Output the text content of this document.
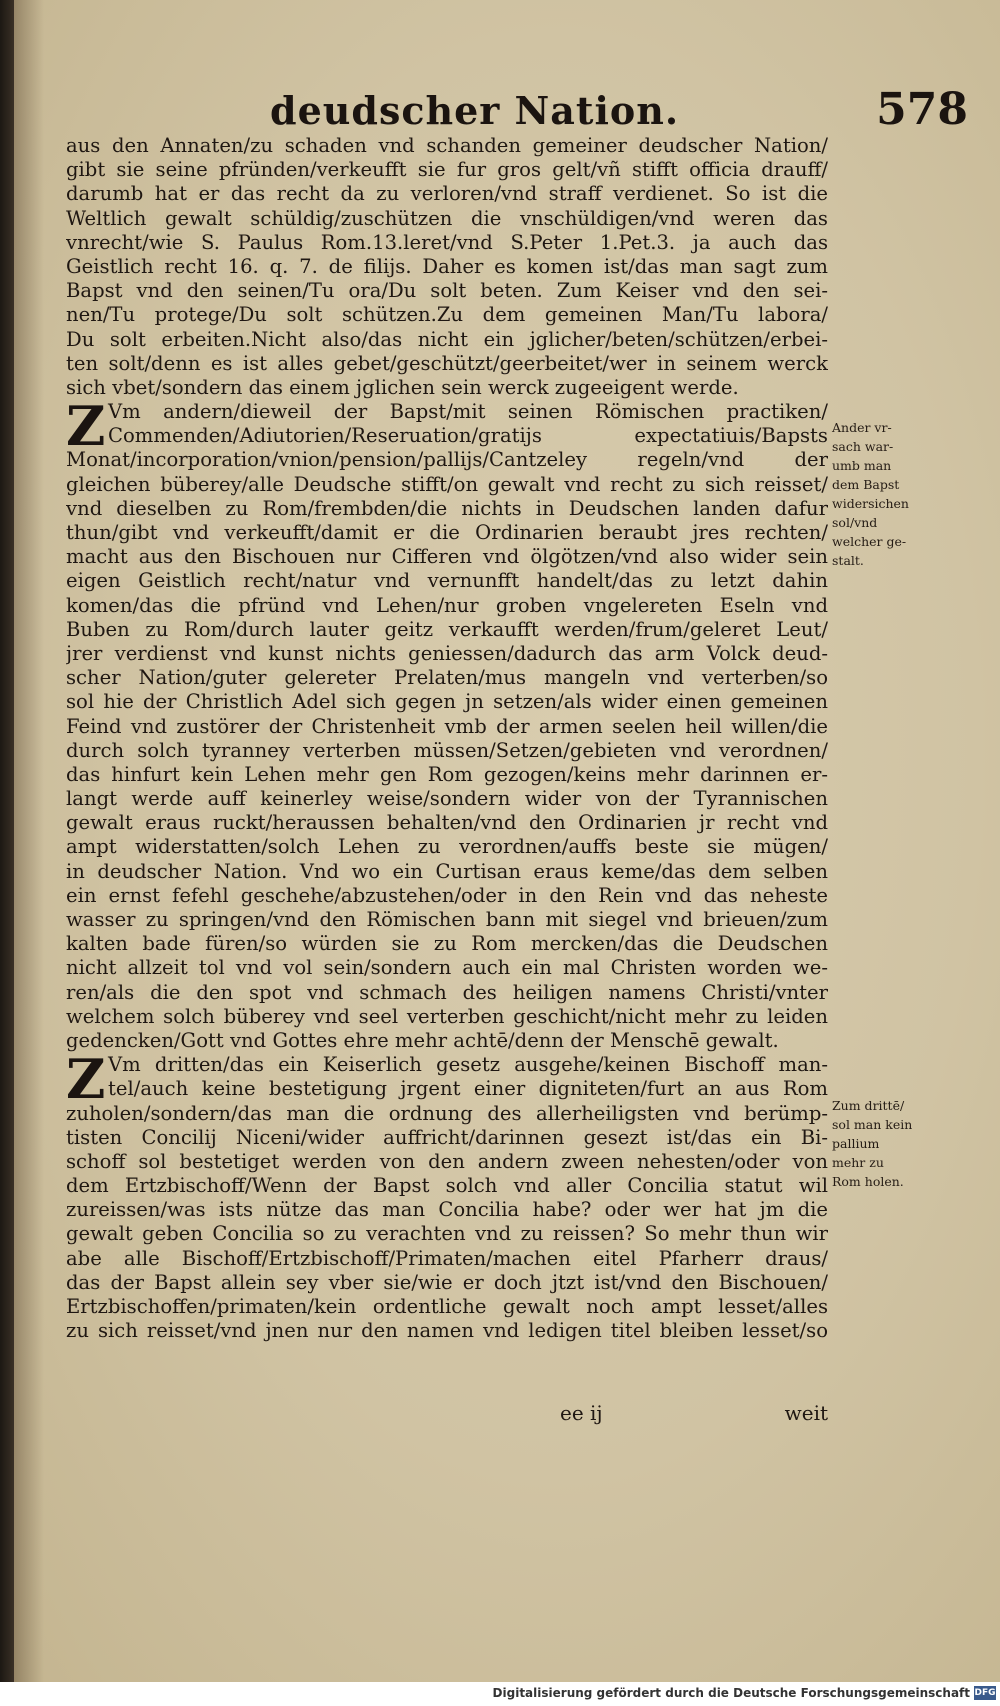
deudscher Nation.	578
aus den Annaten/zu schaden vnd schanden gemeiner deudscher Nation/
gibt sie seine pfründen/verkeufft sie fur gros gelt/vñ stifft officia drauff/
darumb hat er das recht da zu verloren/vnd straff verdienet. So ist die
Weltlich gewalt schüldig/zuschützen die vnschüldigen/vnd weren das
vnrecht/wie S. Paulus Rom.13.leret/vnd S.Peter 1.Pet.3. ja auch das
Geistlich recht 16. q. 7. de filijs. Daher es komen ist/das man sagt zum
Bapst vnd den seinen/Tu ora/Du solt beten. Zum Keiser vnd den sei-
nen/Tu protege/Du solt schützen.Zu dem gemeinen Man/Tu labora/
Du solt erbeiten.Nicht also/das nicht ein jglicher/beten/schützen/erbei-
ten solt/denn es ist alles gebet/geschützt/geerbeitet/wer in seinem werck
sich vbet/sondern das einem jglichen sein werck zugeeigent werde.
Z Vm andern/dieweil der Bapst/mit seinen Römischen practiken/
Commenden/Adiutorien/Reseruation/gratijs expectatiuis/Bapsts
Monat/incorporation/vnion/pension/pallijs/Cantzeley regeln/vnd der
gleichen büberey/alle Deudsche stifft/on gewalt vnd recht zu sich reisset/
vnd dieselben zu Rom/frembden/die nichts in Deudschen landen dafur
thun/gibt vnd verkeufft/damit er die Ordinarien beraubt jres rechten/
macht aus den Bischouen nur Cifferen vnd ölgötzen/vnd also wider sein
eigen Geistlich recht/natur vnd vernunfft handelt/das zu letzt dahin
komen/das die pfründ vnd Lehen/nur groben vngelereten Eseln vnd
Buben zu Rom/durch lauter geitz verkaufft werden/frum/geleret Leut/
jrer verdienst vnd kunst nichts geniessen/dadurch das arm Volck deud-
scher Nation/guter gelereter Prelaten/mus mangeln vnd verterben/so
sol hie der Christlich Adel sich gegen jn setzen/als wider einen gemeinen
Feind vnd zustörer der Christenheit vmb der armen seelen heil willen/die
durch solch tyranney verterben müssen/Setzen/gebieten vnd verordnen/
das hinfurt kein Lehen mehr gen Rom gezogen/keins mehr darinnen er-
langt werde auff keinerley weise/sondern wider von der Tyrannischen
gewalt eraus ruckt/heraussen behalten/vnd den Ordinarien jr recht vnd
ampt widerstatten/solch Lehen zu verordnen/auffs beste sie mügen/
in deudscher Nation. Vnd wo ein Curtisan eraus keme/das dem selben
ein ernst fefehl geschehe/abzustehen/oder in den Rein vnd das neheste
wasser zu springen/vnd den Römischen bann mit siegel vnd brieuen/zum
kalten bade füren/so würden sie zu Rom mercken/das die Deudschen
nicht allzeit tol vnd vol sein/sondern auch ein mal Christen worden we-
ren/als die den spot vnd schmach des heiligen namens Christi/vnter
welchem solch büberey vnd seel verterben geschicht/nicht mehr zu leiden
gedencken/Gott vnd Gottes ehre mehr achtē/denn der Menschē gewalt.
Z Vm dritten/das ein Keiserlich gesetz ausgehe/keinen Bischoff man-
tel/auch keine bestetigung jrgent einer digniteten/furt an aus Rom
zuholen/sondern/das man die ordnung des allerheiligsten vnd berümp-
tisten Concilij Niceni/wider auffricht/darinnen gesezt ist/das ein Bi-
schoff sol bestetiget werden von den andern zween nehesten/oder von
dem Ertzbischoff/Wenn der Bapst solch vnd aller Concilia statut wil
zureissen/was ists nütze das man Concilia habe? oder wer hat jm die
gewalt geben Concilia so zu verachten vnd zu reissen? So mehr thun wir
abe alle Bischoff/Ertzbischoff/Primaten/machen eitel Pfarherr draus/
das der Bapst allein sey vber sie/wie er doch jtzt ist/vnd den Bischouen/
Ertzbischoffen/primaten/kein ordentliche gewalt noch ampt lesset/alles
zu sich reisset/vnd jnen nur den namen vnd ledigen titel bleiben lesset/so
Ander vr-
sach war-
umb man
dem Bapst
widersichen
sol/vnd
welcher ge-
stalt.
Zum drittē/
sol man kein
pallium
mehr zu
Rom holen.
ee ij	weit
Digitalisierung gefördert durch die Deutsche Forschungsgemeinschaft DFG
